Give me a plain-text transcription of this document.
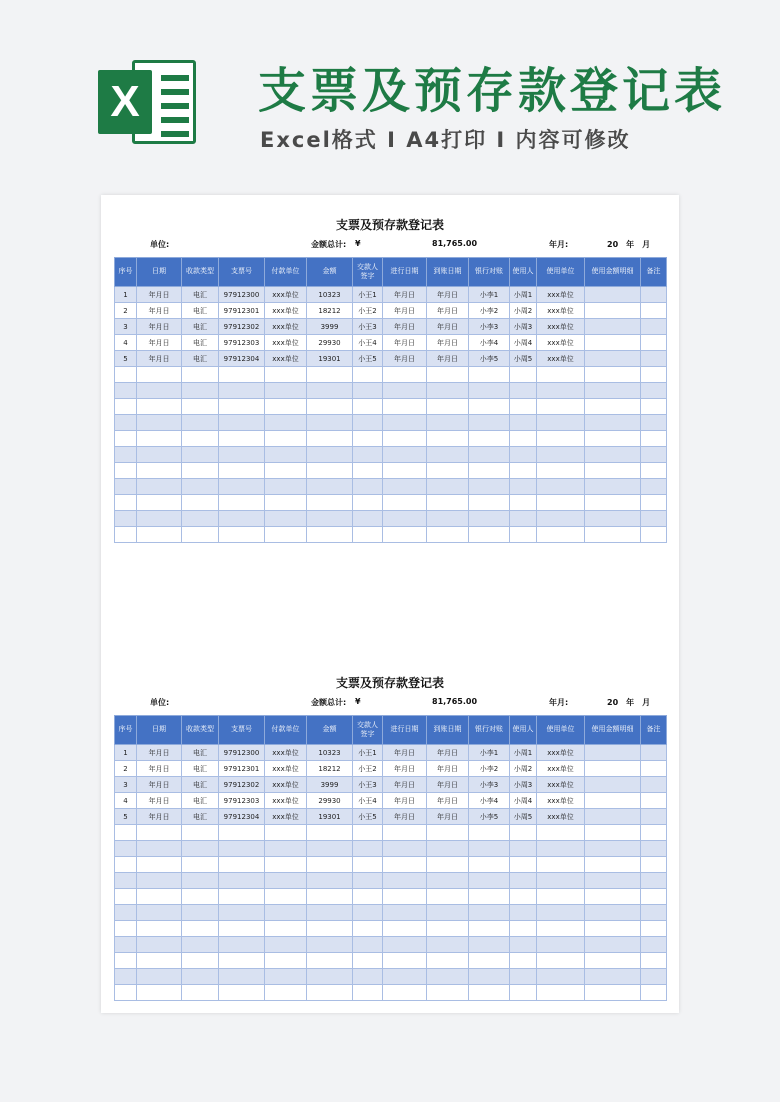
X 支票及预存款登记表
Excel格式 I A4打印 I 内容可修改
支票及预存款登记表
单位:	金额总计: ¥	81,765.00	年月:	20　年　月
序号	日期	收款类型	支票号	付款单位	金额	交款人签字	进行日期	到账日期	银行对账	使用人	使用单位	使用金额明细	备注
1	年月日	电汇	97912300	xxx单位	10323	小王1	年月日	年月日	小李1	小周1	xxx单位		
2	年月日	电汇	97912301	xxx单位	18212	小王2	年月日	年月日	小李2	小周2	xxx单位		
3	年月日	电汇	97912302	xxx单位	3999	小王3	年月日	年月日	小李3	小周3	xxx单位		
4	年月日	电汇	97912303	xxx单位	29930	小王4	年月日	年月日	小李4	小周4	xxx单位		
5	年月日	电汇	97912304	xxx单位	19301	小王5	年月日	年月日	小李5	小周5	xxx单位		

支票及预存款登记表
单位:	金额总计: ¥	81,765.00	年月:	20　年　月
序号	日期	收款类型	支票号	付款单位	金额	交款人签字	进行日期	到账日期	银行对账	使用人	使用单位	使用金额明细	备注
1	年月日	电汇	97912300	xxx单位	10323	小王1	年月日	年月日	小李1	小周1	xxx单位		
2	年月日	电汇	97912301	xxx单位	18212	小王2	年月日	年月日	小李2	小周2	xxx单位		
3	年月日	电汇	97912302	xxx单位	3999	小王3	年月日	年月日	小李3	小周3	xxx单位		
4	年月日	电汇	97912303	xxx单位	29930	小王4	年月日	年月日	小李4	小周4	xxx单位		
5	年月日	电汇	97912304	xxx单位	19301	小王5	年月日	年月日	小李5	小周5	xxx单位		
